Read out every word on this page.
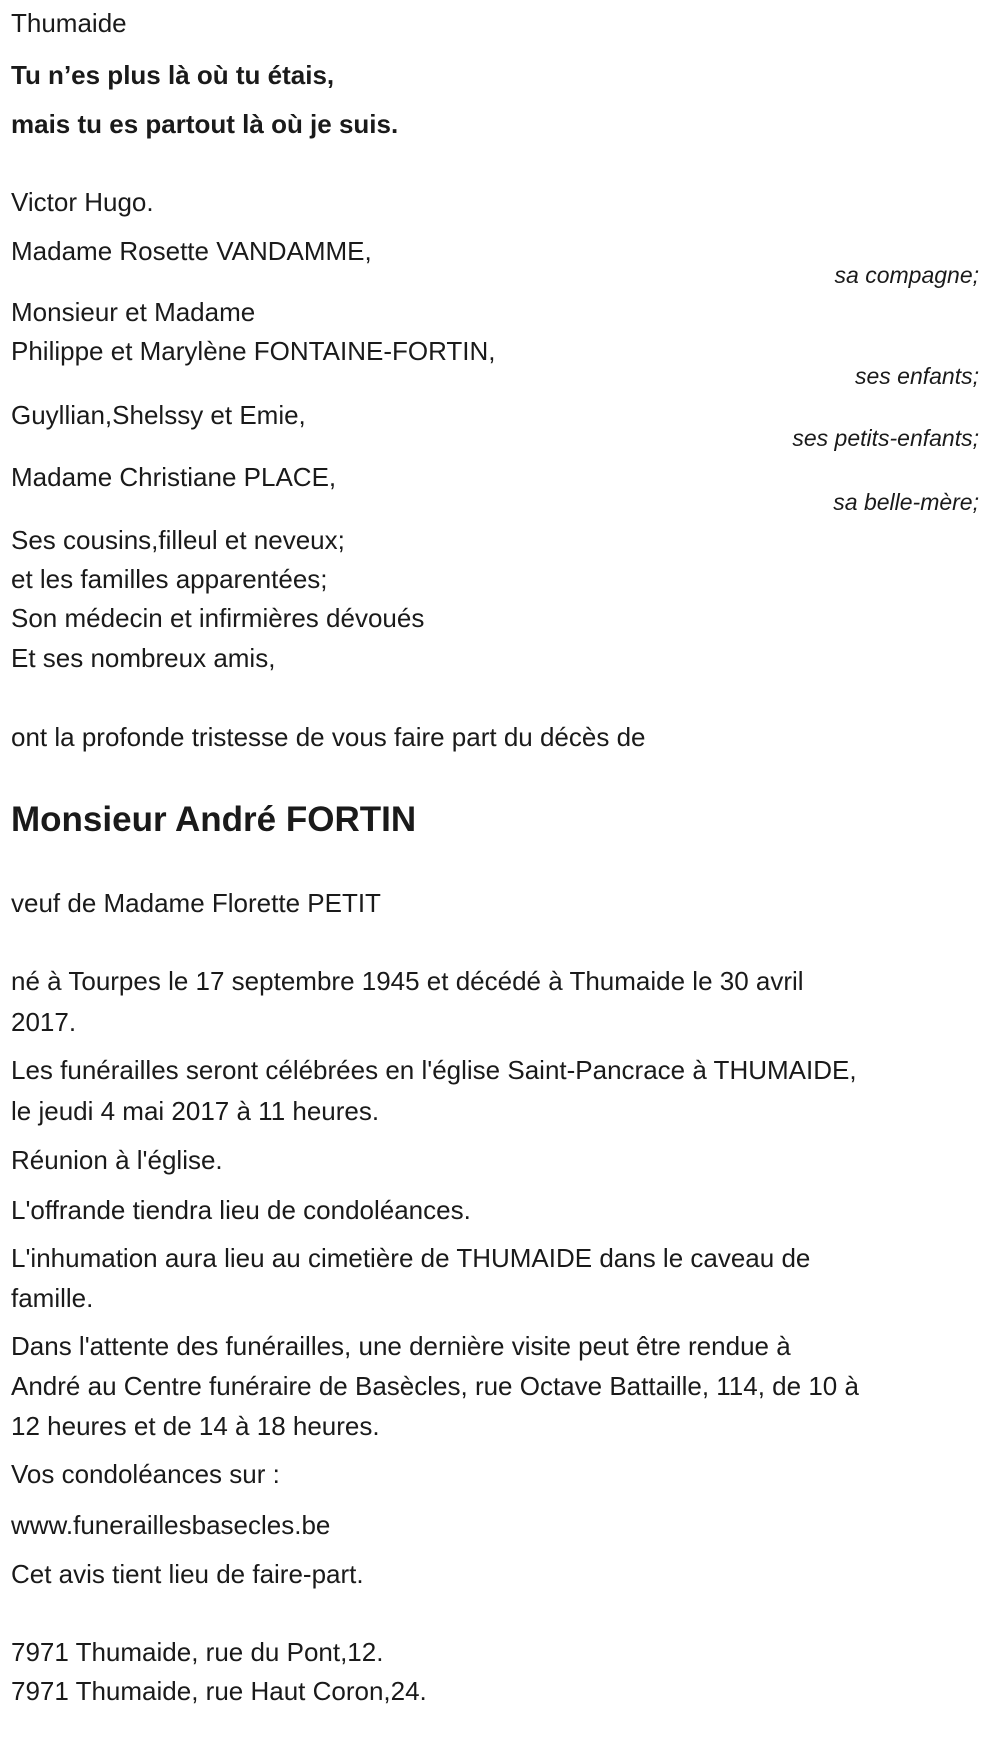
Thumaide
Tu n’es plus là où tu étais,
mais tu es partout là où je suis.
Victor Hugo.
Madame Rosette VANDAMME,
sa compagne;
Monsieur et Madame
Philippe et Marylène FONTAINE-FORTIN,
ses enfants;
Guyllian,Shelssy et Emie,
ses petits-enfants;
Madame Christiane PLACE,
sa belle-mère;
Ses cousins,filleul et neveux;
et les familles apparentées;
Son médecin et infirmières dévoués
Et ses nombreux amis,
ont la profonde tristesse de vous faire part du décès de
Monsieur André FORTIN
veuf de Madame Florette PETIT
né à Tourpes le 17 septembre 1945 et décédé à Thumaide le 30 avril
2017.
Les funérailles seront célébrées en l'église Saint-Pancrace à THUMAIDE,
le jeudi 4 mai 2017 à 11 heures.
Réunion à l'église.
L'offrande tiendra lieu de condoléances.
L'inhumation aura lieu au cimetière de THUMAIDE dans le caveau de
famille.
Dans l'attente des funérailles, une dernière visite peut être rendue à
André au Centre funéraire de Basècles, rue Octave Battaille, 114, de 10 à
12 heures et de 14 à 18 heures.
Vos condoléances sur :
www.funeraillesbasecles.be
Cet avis tient lieu de faire-part.
7971 Thumaide, rue du Pont,12.
7971 Thumaide, rue Haut Coron,24.
